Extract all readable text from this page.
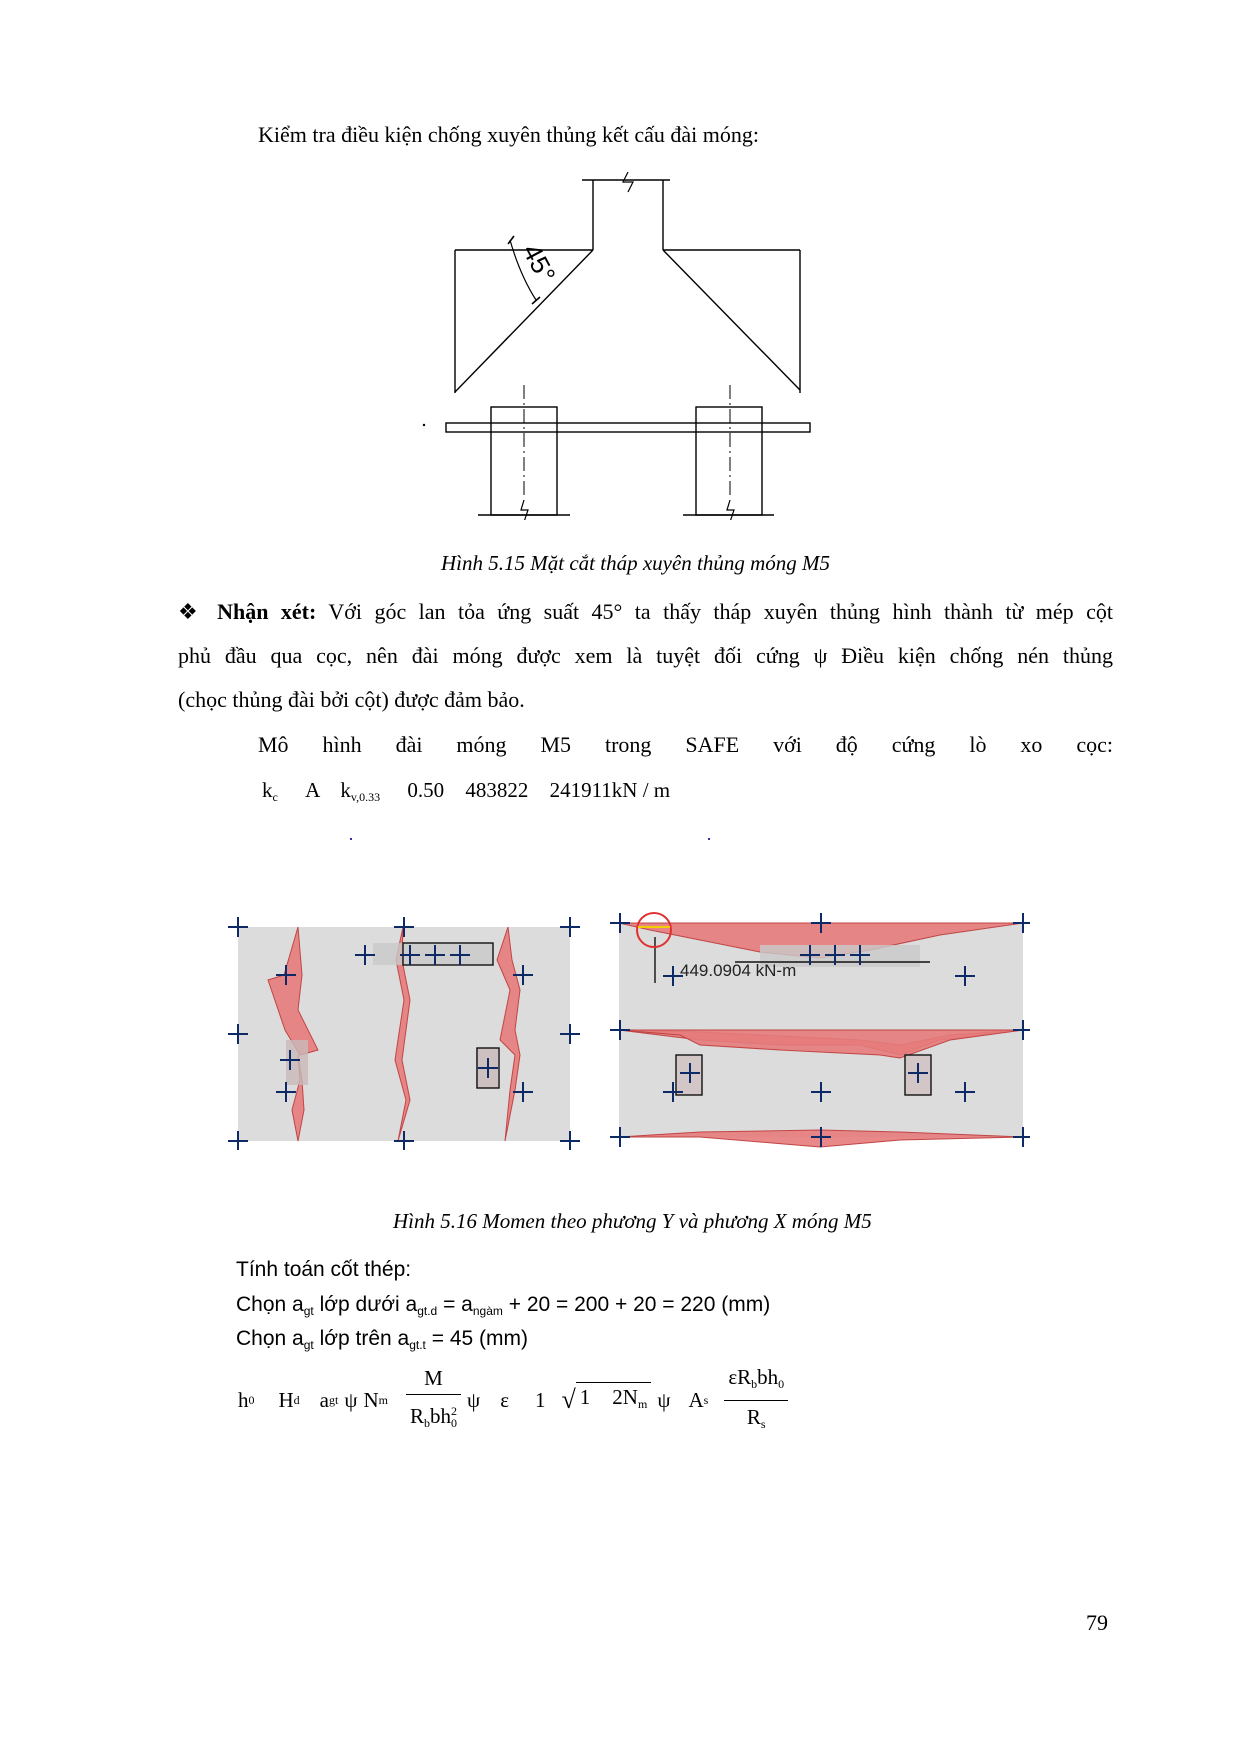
Kiểm tra điều kiện chống xuyên thủng kết cấu đài móng:
45°
Hình 5.15 Mặt cắt tháp xuyên thủng móng M5
❖ Nhận xét: Với góc lan tỏa ứng suất 45° ta thấy tháp xuyên thủng hình thành từ mép cột
phủ đầu qua cọc, nên đài móng được xem là tuyệt đối cứng ψ Điều kiện chống nén thủng
(chọc thủng đài bởi cột) được đảm bảo.
Mô hình đài móng M5 trong SAFE với độ cứng lò xo cọc:
$k_c$ A $k_{v,0.33}$ 0.50 483822 241911kN / m
449.0904 kN-m
Hình 5.16 Momen theo phương Y và phương X móng M5
Tính toán cốt thép:
Chọn $a_{gt}$ lớp dưới $a_{gt.d} = a_{ngàm} + 20 = 200 + 20 = 220$ (mm)
Chọn $a_{gt}$ lớp trên $a_{gt.t} = 45$ (mm)
h 0 H d a gt ψ N m $\frac{M}{R_bbh^2_0}$ ψ ε 1 √ 1 $2N_m$ ψ A s $\frac{\varepsilon R_bbh_0}{R_s}$
79
